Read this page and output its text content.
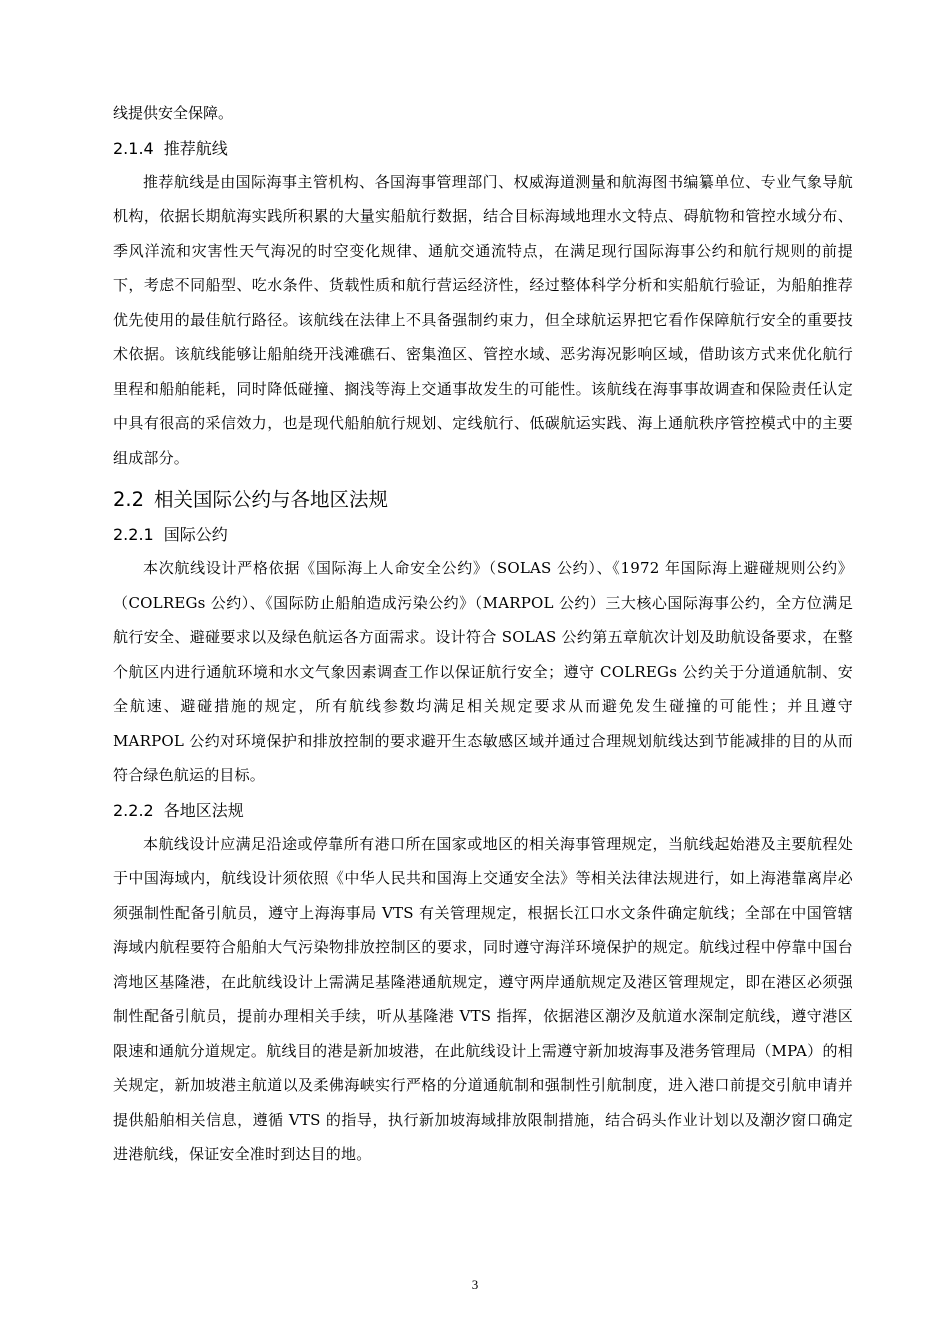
线提供安全保障。

2.1.4 推荐航线

推荐航线是由国际海事主管机构、各国海事管理部门、权威海道测量和航海图书编纂单位、专业气象导航机构，依据长期航海实践所积累的大量实船航行数据，结合目标海域地理水文特点、碍航物和管控水域分布、季风洋流和灾害性天气海况的时空变化规律、通航交通流特点，在满足现行国际海事公约和航行规则的前提下，考虑不同船型、吃水条件、货载性质和航行营运经济性，经过整体科学分析和实船航行验证，为船舶推荐优先使用的最佳航行路径。该航线在法律上不具备强制约束力，但全球航运界把它看作保障航行安全的重要技术依据。该航线能够让船舶绕开浅滩礁石、密集渔区、管控水域、恶劣海况影响区域，借助该方式来优化航行里程和船舶能耗，同时降低碰撞、搁浅等海上交通事故发生的可能性。该航线在海事事故调查和保险责任认定中具有很高的采信效力，也是现代船舶航行规划、定线航行、低碳航运实践、海上通航秩序管控模式中的主要组成部分。

2.2 相关国际公约与各地区法规
2.2.1 国际公约

本次航线设计严格依据《国际海上人命安全公约》（SOLAS 公约）、《1972 年国际海上避碰规则公约》（COLREGs 公约）、《国际防止船舶造成污染公约》（MARPOL 公约）三大核心国际海事公约，全方位满足航行安全、避碰要求以及绿色航运各方面需求。设计符合 SOLAS 公约第五章航次计划及助航设备要求，在整个航区内进行通航环境和水文气象因素调查工作以保证航行安全；遵守 COLREGs 公约关于分道通航制、安全航速、避碰措施的规定，所有航线参数均满足相关规定要求从而避免发生碰撞的可能性；并且遵守 MARPOL 公约对环境保护和排放控制的要求避开生态敏感区域并通过合理规划航线达到节能减排的目的从而符合绿色航运的目标。

2.2.2 各地区法规

本航线设计应满足沿途或停靠所有港口所在国家或地区的相关海事管理规定，当航线起始港及主要航程处于中国海域内，航线设计须依照《中华人民共和国海上交通安全法》等相关法律法规进行，如上海港靠离岸必须强制性配备引航员，遵守上海海事局 VTS 有关管理规定，根据长江口水文条件确定航线；全部在中国管辖海域内航程要符合船舶大气污染物排放控制区的要求，同时遵守海洋环境保护的规定。航线过程中停靠中国台湾地区基隆港，在此航线设计上需满足基隆港通航规定，遵守两岸通航规定及港区管理规定，即在港区必须强制性配备引航员，提前办理相关手续，听从基隆港 VTS 指挥，依据港区潮汐及航道水深制定航线，遵守港区限速和通航分道规定。航线目的港是新加坡港，在此航线设计上需遵守新加坡海事及港务管理局（MPA）的相关规定，新加坡港主航道以及柔佛海峡实行严格的分道通航制和强制性引航制度，进入港口前提交引航申请并提供船舶相关信息，遵循 VTS 的指导，执行新加坡海域排放限制措施，结合码头作业计划以及潮汐窗口确定进港航线，保证安全准时到达目的地。

3
